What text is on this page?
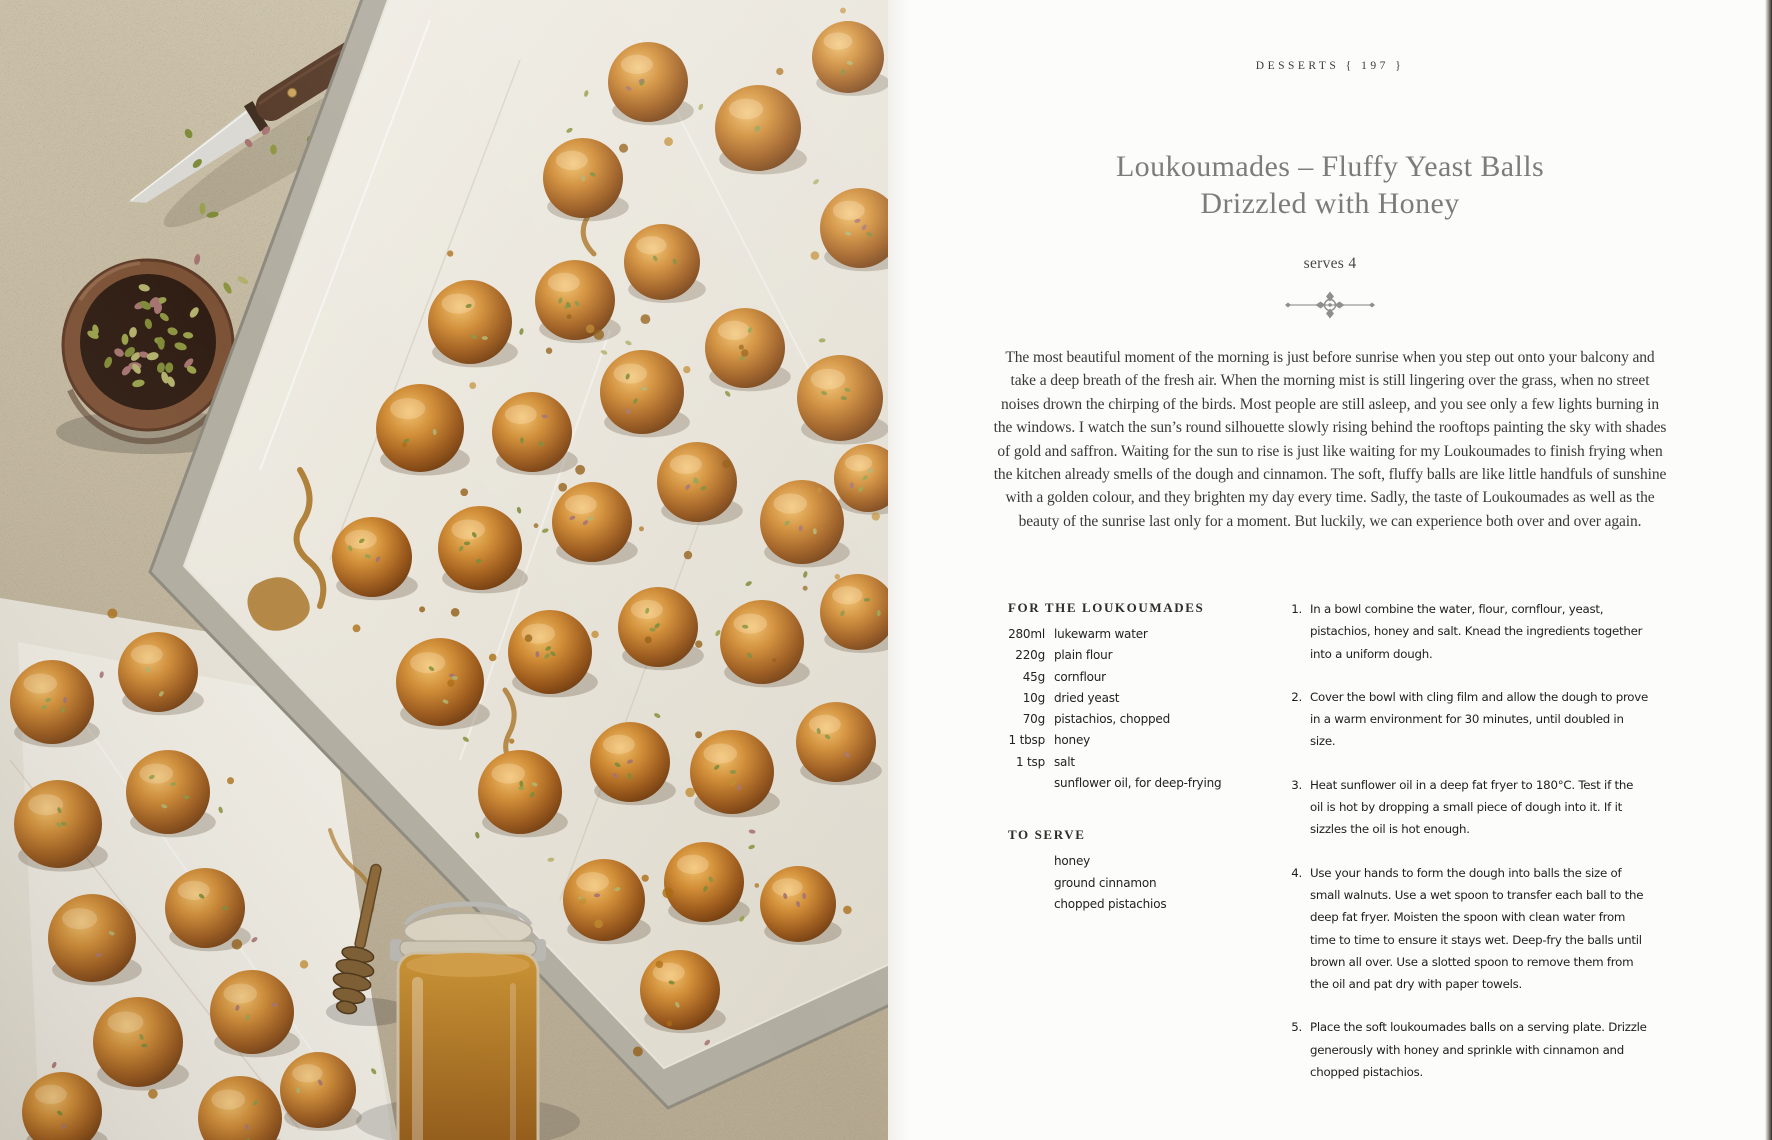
DESSERTS { 197 }
Loukoumades – Fluffy Yeast Balls
Drizzled with Honey
serves 4

The most beautiful moment of the morning is just before sunrise when you step out onto your balcony and take a deep breath of the fresh air. When the morning mist is still lingering over the grass, when no street noises drown the chirping of the birds. Most people are still asleep, and you see only a few lights burning in the windows. I watch the sun’s round silhouette slowly rising behind the rooftops painting the sky with shades of gold and saffron. Waiting for the sun to rise is just like waiting for my Loukoumades to finish frying when the kitchen already smells of the dough and cinnamon. The soft, fluffy balls are like little handfuls of sunshine with a golden colour, and they brighten my day every time. Sadly, the taste of Loukoumades as well as the beauty of the sunrise last only for a moment. But luckily, we can experience both over and over again.

FOR THE LOUKOUMADES
280ml lukewarm water
220g plain flour
45g cornflour
10g dried yeast
70g pistachios, chopped
1 tbsp honey
1 tsp salt
sunflower oil, for deep-frying
TO SERVE
honey
ground cinnamon
chopped pistachios
1. In a bowl combine the water, flour, cornflour, yeast, pistachios, honey and salt. Knead the ingredients together into a uniform dough.
2. Cover the bowl with cling film and allow the dough to prove in a warm environment for 30 minutes, until doubled in size.
3. Heat sunflower oil in a deep fat fryer to 180°C. Test if the oil is hot by dropping a small piece of dough into it. If it sizzles the oil is hot enough.
4. Use your hands to form the dough into balls the size of small walnuts. Use a wet spoon to transfer each ball to the deep fat fryer. Moisten the spoon with clean water from time to time to ensure it stays wet. Deep-fry the balls until brown all over. Use a slotted spoon to remove them from the oil and pat dry with paper towels.
5. Place the soft loukoumades balls on a serving plate. Drizzle generously with honey and sprinkle with cinnamon and chopped pistachios.
